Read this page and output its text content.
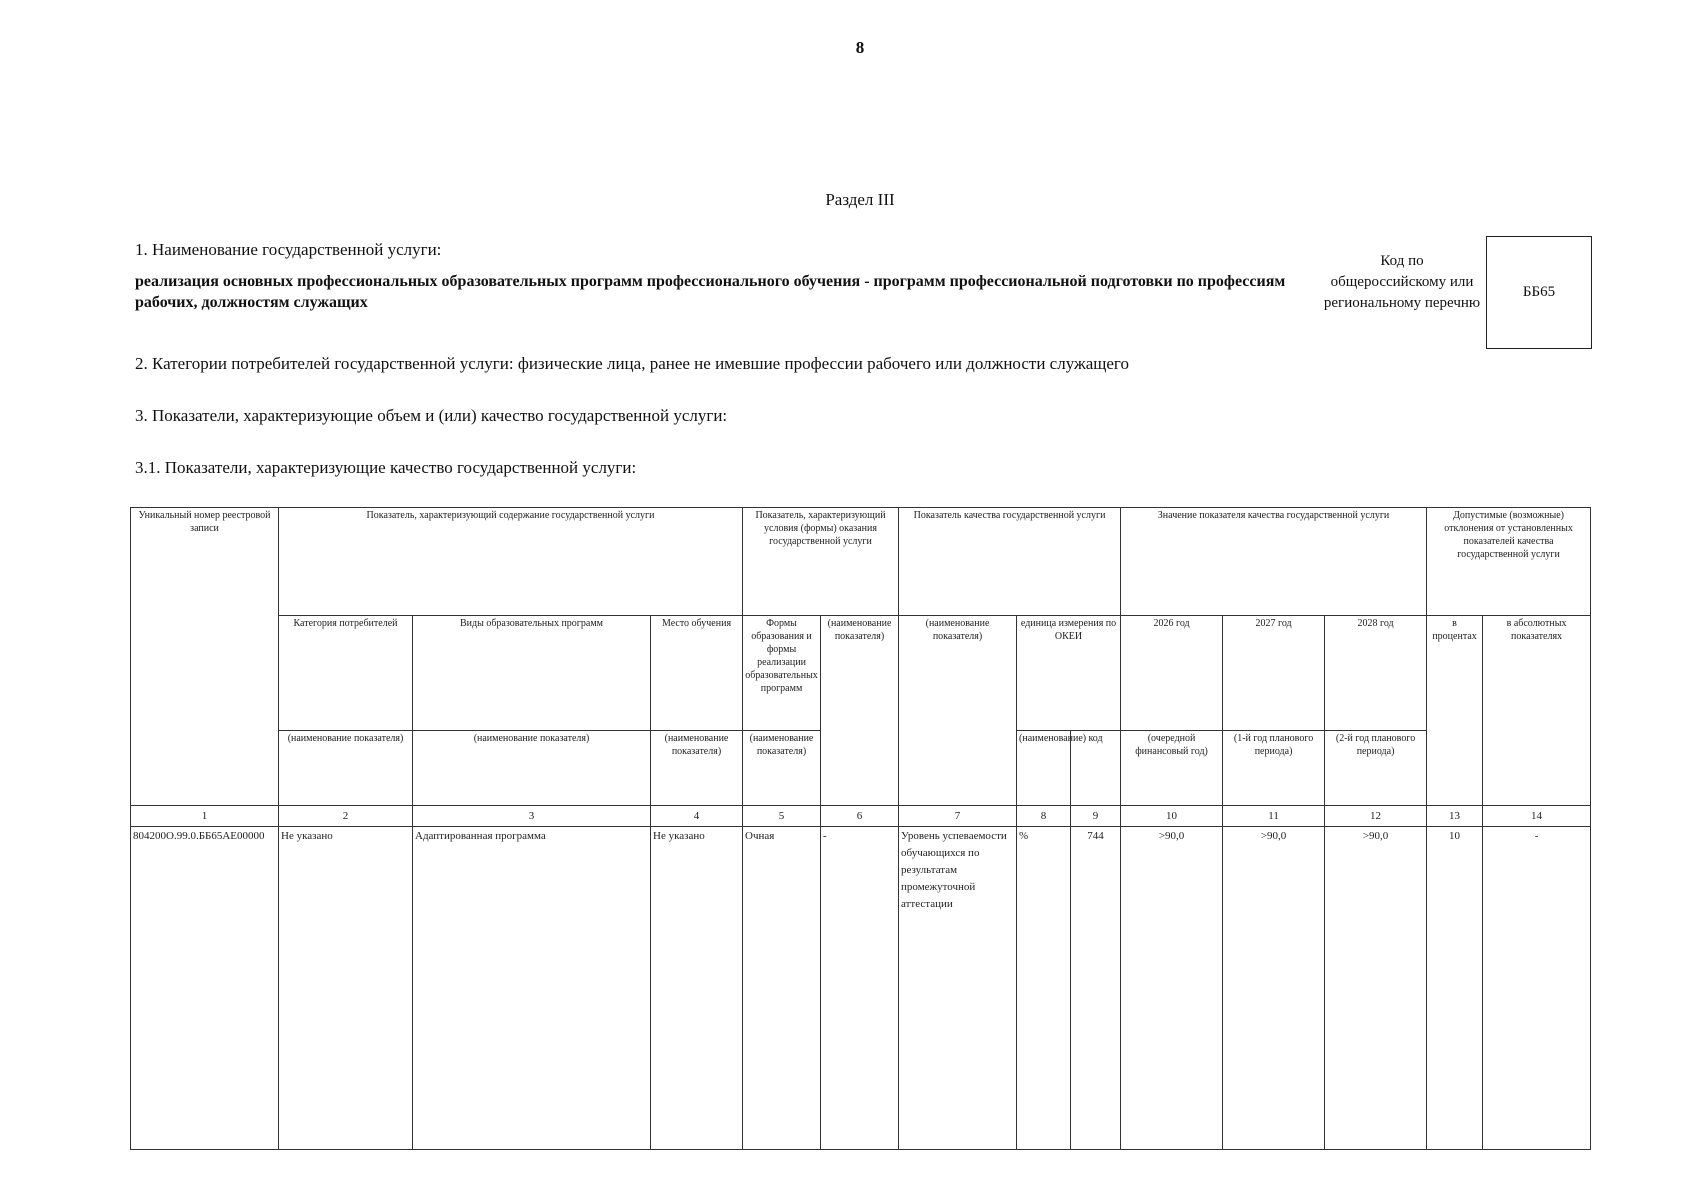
8
Раздел III
1. Наименование государственной услуги:
реализация основных профессиональных образовательных программ профессионального обучения - программ профессиональной подготовки по профессиям рабочих, должностям служащих
Код по общероссийскому или региональному перечню
ББ65
2. Категории потребителей государственной услуги: физические лица, ранее не имевшие профессии рабочего или должности служащего
3. Показатели, характеризующие объем и (или) качество государственной услуги:
3.1. Показатели, характеризующие качество государственной услуги:
Уникальный номер реестровой записи	Показатель, характеризующий содержание государственной услуги			Показатель, характеризующий условия (формы) оказания государственной услуги		Показатель качества государственной услуги			Значение показателя качества государственной услуги			Допустимые (возможные) отклонения от установленных показателей качества государственной услуги	
	Категория потребителей	Виды образовательных программ	Место обучения	Формы образования и формы реализации образовательных программ	(наименование показателя)	(наименование показателя)	единица измерения по ОКЕИ		2026 год	2027 год	2028 год	в процентах	в абсолютных показателях
	(наименование показателя)	(наименование показателя)	(наименование показателя)	(наименование показателя)			(наименование)	код	(очередной финансовый год)	(1-й год планового периода)	(2-й год планового периода)		
1	2	3	4	5	6	7	8	9	10	11	12	13	14
804200О.99.0.ББ65АЕ00000	Не указано	Адаптированная программа	Не указано	Очная	-	Уровень успеваемости обучающихся по результатам промежуточной аттестации	%	744	>90,0	>90,0	>90,0	10	-
